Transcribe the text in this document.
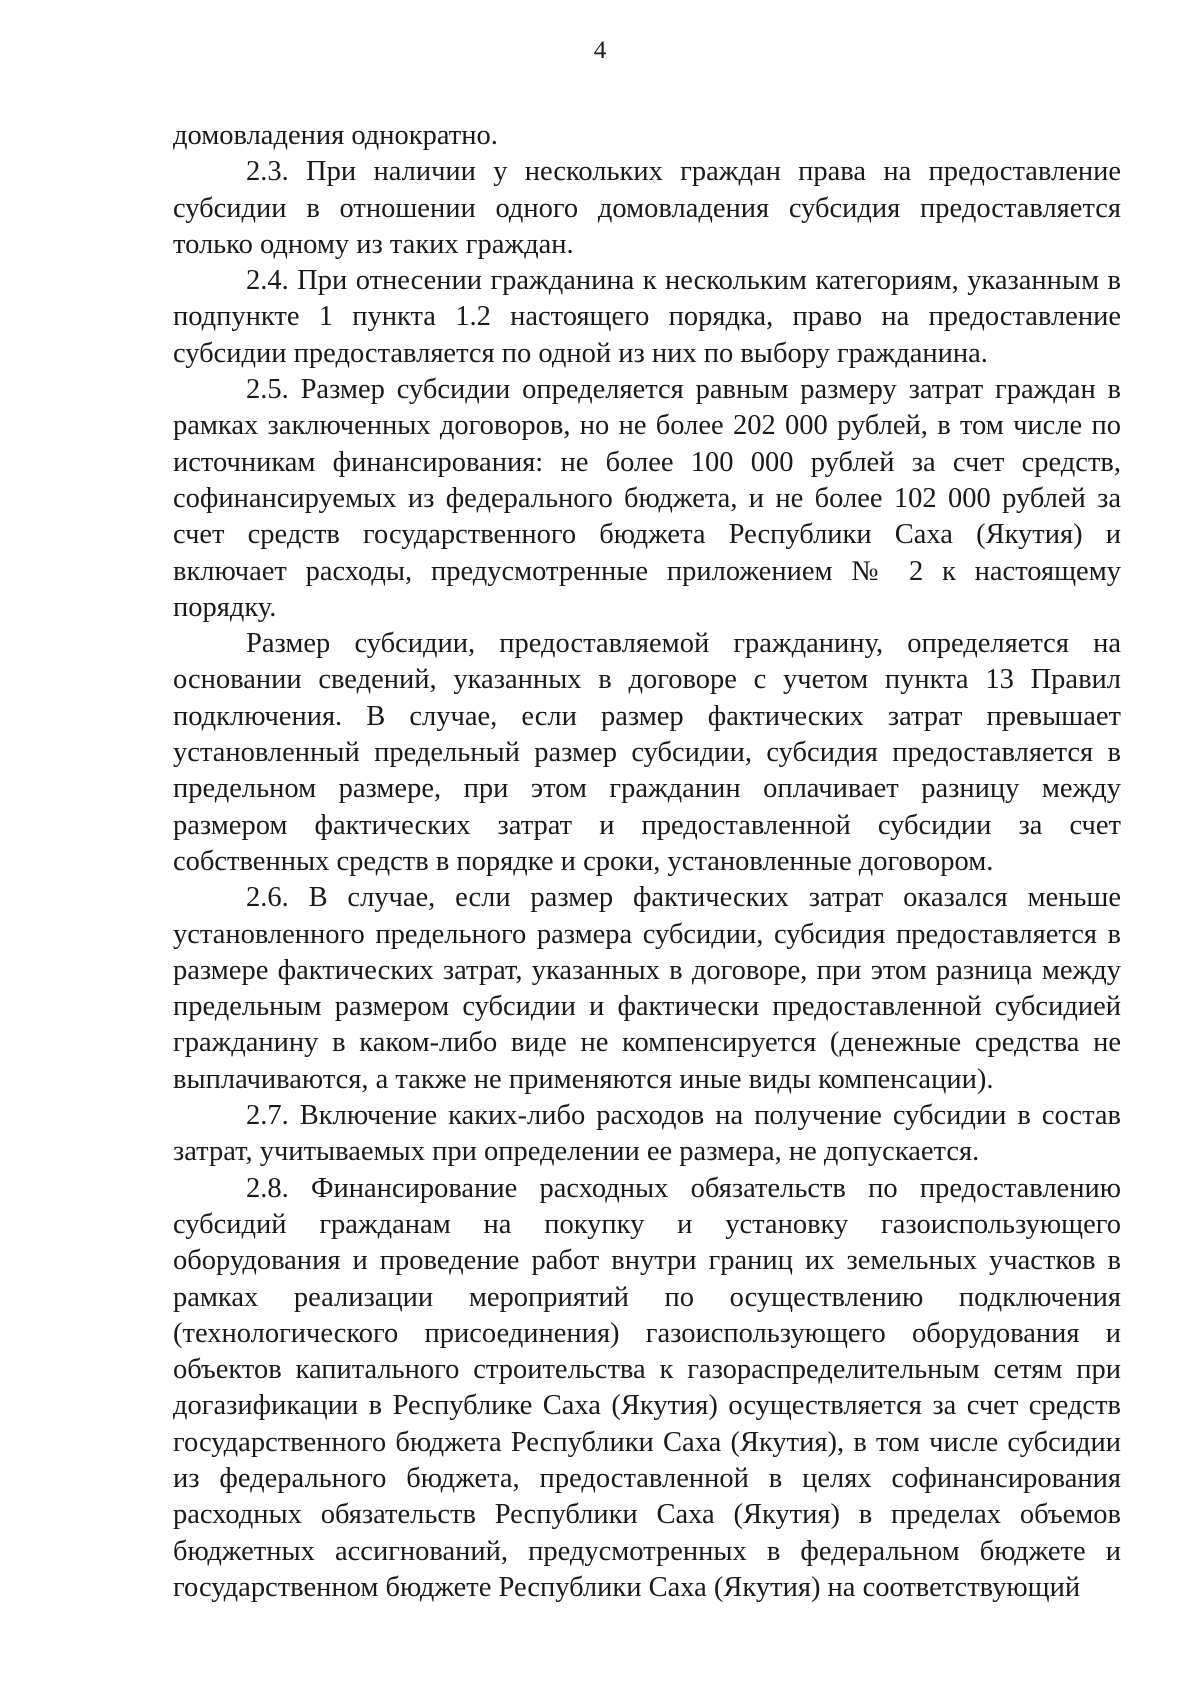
4

домовладения однократно.

2.3. При наличии у нескольких граждан права на предоставление субсидии в отношении одного домовладения субсидия предоставляется только одному из таких граждан.

2.4. При отнесении гражданина к нескольким категориям, указанным в подпункте 1 пункта 1.2 настоящего порядка, право на предоставление субсидии предоставляется по одной из них по выбору гражданина.

2.5. Размер субсидии определяется равным размеру затрат граждан в рамках заключенных договоров, но не более 202 000 рублей, в том числе по источникам финансирования: не более 100 000 рублей за счет средств, софинансируемых из федерального бюджета, и не более 102 000 рублей за счет средств государственного бюджета Республики Саха (Якутия) и включает расходы, предусмотренные приложением № 2 к настоящему порядку.

Размер субсидии, предоставляемой гражданину, определяется на основании сведений, указанных в договоре с учетом пункта 13 Правил подключения. В случае, если размер фактических затрат превышает установленный предельный размер субсидии, субсидия предоставляется в предельном размере, при этом гражданин оплачивает разницу между размером фактических затрат и предоставленной субсидии за счет собственных средств в порядке и сроки, установленные договором.

2.6. В случае, если размер фактических затрат оказался меньше установленного предельного размера субсидии, субсидия предоставляется в размере фактических затрат, указанных в договоре, при этом разница между предельным размером субсидии и фактически предоставленной субсидией гражданину в каком-либо виде не компенсируется (денежные средства не выплачиваются, а также не применяются иные виды компенсации).

2.7. Включение каких-либо расходов на получение субсидии в состав затрат, учитываемых при определении ее размера, не допускается.

2.8. Финансирование расходных обязательств по предоставлению субсидий гражданам на покупку и установку газоиспользующего оборудования и проведение работ внутри границ их земельных участков в рамках реализации мероприятий по осуществлению подключения (технологического присоединения) газоиспользующего оборудования и объектов капитального строительства к газораспределительным сетям при догазификации в Республике Саха (Якутия) осуществляется за счет средств государственного бюджета Республики Саха (Якутия), в том числе субсидии из федерального бюджета, предоставленной в целях софинансирования расходных обязательств Республики Саха (Якутия) в пределах объемов бюджетных ассигнований, предусмотренных в федеральном бюджете и государственном бюджете Республики Саха (Якутия) на соответствующий
